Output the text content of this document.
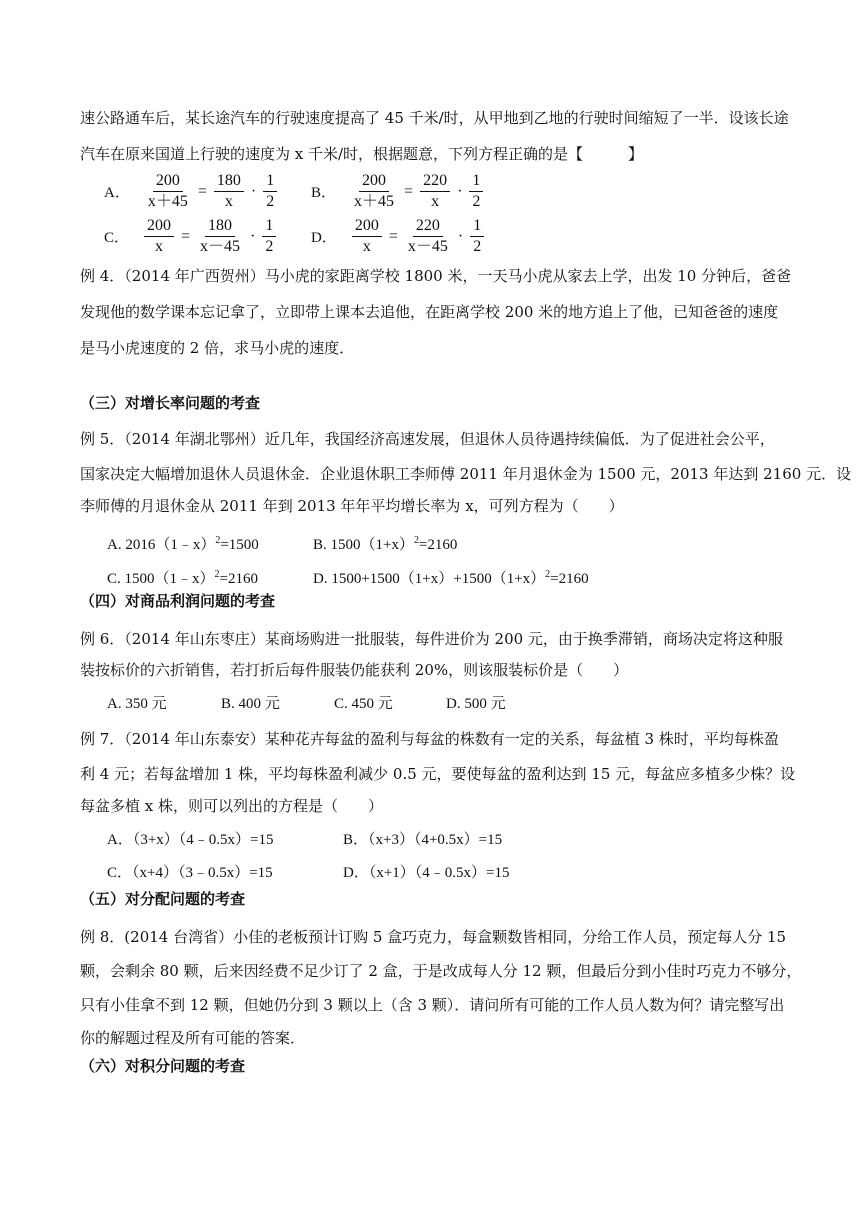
速公路通车后，某长途汽车的行驶速度提高了 45 千米/时，从甲地到乙地的行驶时间缩短了一半．设该长途
汽车在原来国道上行驶的速度为 x 千米/时，根据题意，下列方程正确的是【　　　】
A． $\frac{200}{x+45} = \frac{180}{x} \cdot \frac{1}{2}$ B． $\frac{200}{x+45} = \frac{220}{x} \cdot \frac{1}{2}$
C． $\frac{200}{x} = \frac{180}{x-45} \cdot \frac{1}{2}$ D． $\frac{200}{x} = \frac{220}{x-45} \cdot \frac{1}{2}$
例 4．（2014 年广西贺州）马小虎的家距离学校 1800 米，一天马小虎从家去上学，出发 10 分钟后，爸爸
发现他的数学课本忘记拿了，立即带上课本去追他，在距离学校 200 米的地方追上了他，已知爸爸的速度
是马小虎速度的 2 倍，求马小虎的速度．
（三）对增长率问题的考查
例 5．（2014 年湖北鄂州）近几年，我国经济高速发展，但退休人员待遇持续偏低．为了促进社会公平，
国家决定大幅增加退休人员退休金．企业退休职工李师傅 2011 年月退休金为 1500 元，2013 年达到 2160 元．设
李师傅的月退休金从 2011 年到 2013 年年平均增长率为 x，可列方程为（　　）
A. 2016（1﹣x）$^2$=1500	B. $1500(1+x)^2=2160$
C. 1500（1﹣x）$^2$=2160	D. $1500+1500(1+x)+1500(1+x)^2=2160$
（四）对商品利润问题的考查
例 6．（2014 年山东枣庄）某商场购进一批服装，每件进价为 200 元，由于换季滞销，商场决定将这种服
装按标价的六折销售，若打折后每件服装仍能获利 20%，则该服装标价是（　　）
A. 350 元	B. 400 元	C. 450 元	D. 500 元
例 7．（2014 年山东泰安）某种花卉每盆的盈利与每盆的株数有一定的关系，每盆植 3 株时，平均每株盈
利 4 元；若每盆增加 1 株，平均每株盈利减少 0.5 元，要使每盆的盈利达到 15 元，每盆应多植多少株？设
每盆多植 x 株，则可以列出的方程是（　　）
A．（3+x）（4﹣0.5x）=15	B．（x+3）（4+0.5x）=15
C．（x+4）（3﹣0.5x）=15	D．（x+1）（4﹣0.5x）=15
（五）对分配问题的考查
例 8．(2014 台湾省）小佳的老板预计订购 5 盒巧克力，每盒颗数皆相同，分给工作人员，预定每人分 15
颗，会剩余 80 颗，后来因经费不足少订了 2 盒，于是改成每人分 12 颗，但最后分到小佳时巧克力不够分，
只有小佳拿不到 12 颗，但她仍分到 3 颗以上（含 3 颗）．请问所有可能的工作人员人数为何？请完整写出
你的解题过程及所有可能的答案．
（六）对积分问题的考查
